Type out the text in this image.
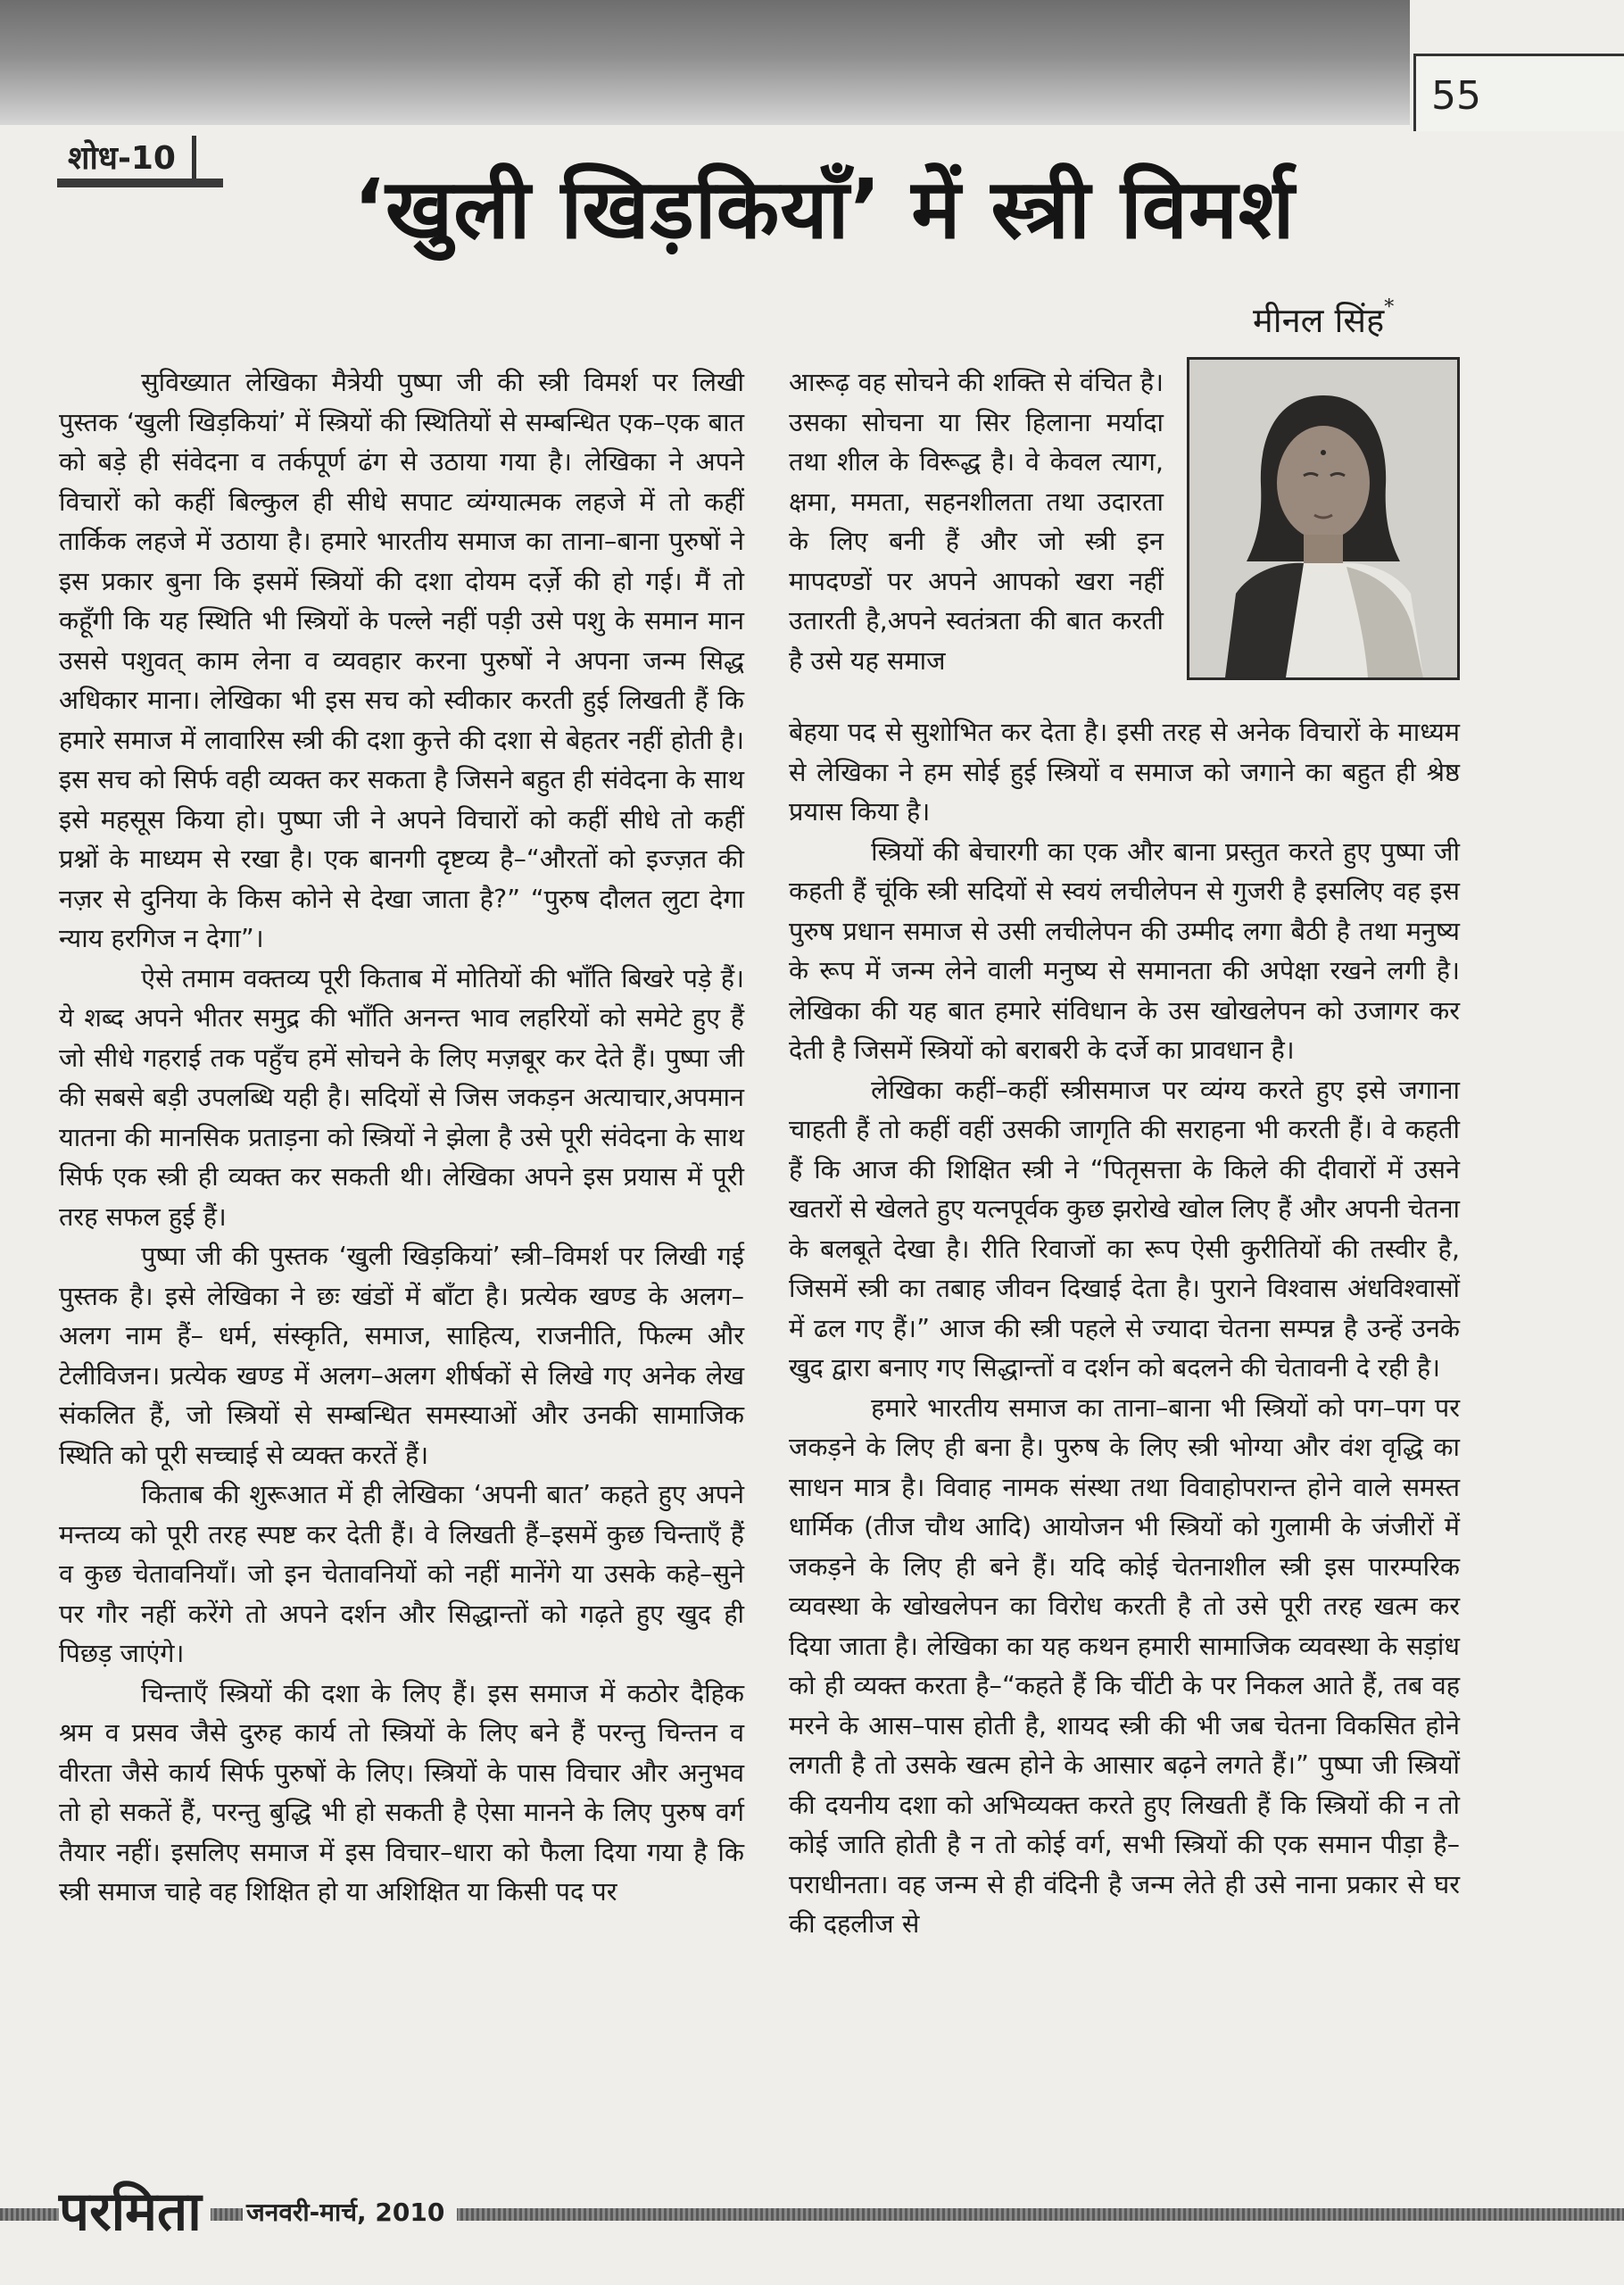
55
शोध-10
‘खुली खिड़कियाँ’ में स्त्री विमर्श
मीनल सिंह*

सुविख्यात लेखिका मैत्रेयी पुष्पा जी की स्त्री विमर्श पर लिखी पुस्तक ‘खुली खिड़कियां’ में स्त्रियों की स्थितियों से सम्बन्धित एक–एक बात को बड़े ही संवेदना व तर्कपूर्ण ढंग से उठाया गया है। लेखिका ने अपने विचारों को कहीं बिल्कुल ही सीधे सपाट व्यंग्यात्मक लहजे में तो कहीं तार्किक लहजे में उठाया है। हमारे भारतीय समाज का ताना–बाना पुरुषों ने इस प्रकार बुना कि इसमें स्त्रियों की दशा दोयम दर्ज़े की हो गई। मैं तो कहूँगी कि यह स्थिति भी स्त्रियों के पल्ले नहीं पड़ी उसे पशु के समान मान उससे पशुवत् काम लेना व व्यवहार करना पुरुषों ने अपना जन्म सिद्ध अधिकार माना। लेखिका भी इस सच को स्वीकार करती हुई लिखती हैं कि हमारे समाज में लावारिस स्त्री की दशा कुत्ते की दशा से बेहतर नहीं होती है। इस सच को सिर्फ वही व्यक्त कर सकता है जिसने बहुत ही संवेदना के साथ इसे महसूस किया हो। पुष्पा जी ने अपने विचारों को कहीं सीधे तो कहीं प्रश्नों के माध्यम से रखा है। एक बानगी दृष्टव्य है–“औरतों को इज्ज़त की नज़र से दुनिया के किस कोने से देखा जाता है?” “पुरुष दौलत लुटा देगा न्याय हरगिज न देगा”।

ऐसे तमाम वक्तव्य पूरी किताब में मोतियों की भाँति बिखरे पड़े हैं। ये शब्द अपने भीतर समुद्र की भाँति अनन्त भाव लहरियों को समेटे हुए हैं जो सीधे गहराई तक पहुँच हमें सोचने के लिए मज़बूर कर देते हैं। पुष्पा जी की सबसे बड़ी उपलब्धि यही है। सदियों से जिस जकड़न अत्याचार,अपमान यातना की मानसिक प्रताड़ना को स्त्रियों ने झेला है उसे पूरी संवेदना के साथ सिर्फ एक स्त्री ही व्यक्त कर सकती थी। लेखिका अपने इस प्रयास में पूरी तरह सफल हुई हैं।

पुष्पा जी की पुस्तक ‘खुली खिड़कियां’ स्त्री–विमर्श पर लिखी गई पुस्तक है। इसे लेखिका ने छः खंडों में बाँटा है। प्रत्येक खण्ड के अलग–अलग नाम हैं– धर्म, संस्कृति, समाज, साहित्य, राजनीति, फिल्म और टेलीविजन। प्रत्येक खण्ड में अलग–अलग शीर्षकों से लिखे गए अनेक लेख संकलित हैं, जो स्त्रियों से सम्बन्धित समस्याओं और उनकी सामाजिक स्थिति को पूरी सच्चाई से व्यक्त करतें हैं।

किताब की शुरूआत में ही लेखिका ‘अपनी बात’ कहते हुए अपने मन्तव्य को पूरी तरह स्पष्ट कर देती हैं। वे लिखती हैं–इसमें कुछ चिन्ताएँ हैं व कुछ चेतावनियाँ। जो इन चेतावनियों को नहीं मानेंगे या उसके कहे–सुने पर गौर नहीं करेंगे तो अपने दर्शन और सिद्धान्तों को गढ़ते हुए खुद ही पिछड़ जाएंगे।

चिन्ताएँ स्त्रियों की दशा के लिए हैं। इस समाज में कठोर दैहिक श्रम व प्रसव जैसे दुरुह कार्य तो स्त्रियों के लिए बने हैं परन्तु चिन्तन व वीरता जैसे कार्य सिर्फ पुरुषों के लिए। स्त्रियों के पास विचार और अनुभव तो हो सकतें हैं, परन्तु बुद्धि भी हो सकती है ऐसा मानने के लिए पुरुष वर्ग तैयार नहीं। इसलिए समाज में इस विचार–धारा को फैला दिया गया है कि स्त्री समाज चाहे वह शिक्षित हो या अशिक्षित या किसी पद पर

आरूढ़ वह सोचने की शक्ति से वंचित है। उसका सोचना या सिर हिलाना मर्यादा तथा शील के विरूद्ध है। वे केवल त्याग, क्षमा, ममता, सहनशीलता तथा उदारता के लिए बनी हैं और जो स्त्री इन मापदण्डों पर अपने आपको खरा नहीं उतारती है,अपने स्वतंत्रता की बात करती है उसे यह समाज

बेहया पद से सुशोभित कर देता है। इसी तरह से अनेक विचारों के माध्यम से लेखिका ने हम सोई हुई स्त्रियों व समाज को जगाने का बहुत ही श्रेष्ठ प्रयास किया है।

स्त्रियों की बेचारगी का एक और बाना प्रस्तुत करते हुए पुष्पा जी कहती हैं चूंकि स्त्री सदियों से स्वयं लचीलेपन से गुजरी है इसलिए वह इस पुरुष प्रधान समाज से उसी लचीलेपन की उम्मीद लगा बैठी है तथा मनुष्य के रूप में जन्म लेने वाली मनुष्य से समानता की अपेक्षा रखने लगी है। लेखिका की यह बात हमारे संविधान के उस खोखलेपन को उजागर कर देती है जिसमें स्त्रियों को बराबरी के दर्जे का प्रावधान है।

लेखिका कहीं–कहीं स्त्रीसमाज पर व्यंग्य करते हुए इसे जगाना चाहती हैं तो कहीं वहीं उसकी जागृति की सराहना भी करती हैं। वे कहती हैं कि आज की शिक्षित स्त्री ने “पितृसत्ता के किले की दीवारों में उसने खतरों से खेलते हुए यत्नपूर्वक कुछ झरोखे खोल लिए हैं और अपनी चेतना के बलबूते देखा है। रीति रिवाजों का रूप ऐसी कुरीतियों की तस्वीर है, जिसमें स्त्री का तबाह जीवन दिखाई देता है। पुराने विश्वास अंधविश्वासों में ढल गए हैं।” आज की स्त्री पहले से ज्यादा चेतना सम्पन्न है उन्हें उनके खुद द्वारा बनाए गए सिद्धान्तों व दर्शन को बदलने की चेतावनी दे रही है।

हमारे भारतीय समाज का ताना–बाना भी स्त्रियों को पग–पग पर जकड़ने के लिए ही बना है। पुरुष के लिए स्त्री भोग्या और वंश वृद्धि का साधन मात्र है। विवाह नामक संस्था तथा विवाहोपरान्त होने वाले समस्त धार्मिक (तीज चौथ आदि) आयोजन भी स्त्रियों को गुलामी के जंजीरों में जकड़ने के लिए ही बने हैं। यदि कोई चेतनाशील स्त्री इस पारम्परिक व्यवस्था के खोखलेपन का विरोध करती है तो उसे पूरी तरह खत्म कर दिया जाता है। लेखिका का यह कथन हमारी सामाजिक व्यवस्था के सड़ांध को ही व्यक्त करता है–“कहते हैं कि चींटी के पर निकल आते हैं, तब वह मरने के आस–पास होती है, शायद स्त्री की भी जब चेतना विकसित होने लगती है तो उसके खत्म होने के आसार बढ़ने लगते हैं।” पुष्पा जी स्त्रियों की दयनीय दशा को अभिव्यक्त करते हुए लिखती हैं कि स्त्रियों की न तो कोई जाति होती है न तो कोई वर्ग, सभी स्त्रियों की एक समान पीड़ा है– पराधीनता। वह जन्म से ही वंदिनी है जन्म लेते ही उसे नाना प्रकार से घर की दहलीज से

परमिता	जनवरी-मार्च, 2010
